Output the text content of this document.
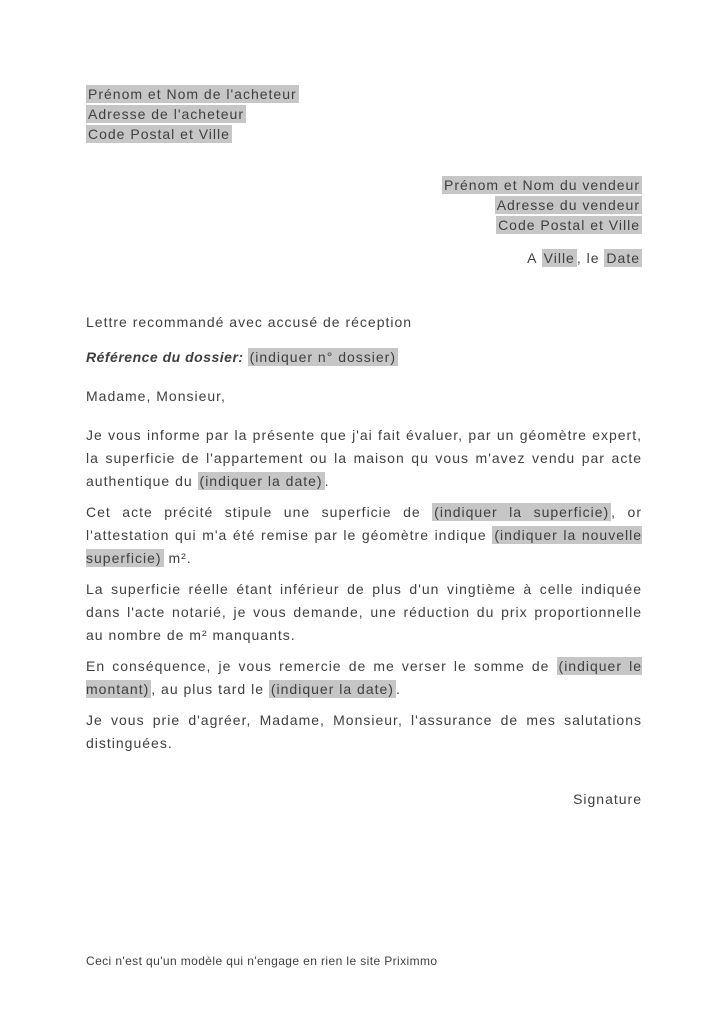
Prénom et Nom de l'acheteur
Adresse de l'acheteur
Code Postal et Ville
Prénom et Nom du vendeur
Adresse du vendeur
Code Postal et Ville
A Ville , le Date
Lettre recommandé avec accusé de réception
Référence du dossier: (indiquer n° dossier)
Madame, Monsieur,

Je vous informe par la présente que j'ai fait évaluer, par un géomètre expert, la superficie de l'appartement ou la maison qu vous m'avez vendu par acte authentique du (indiquer la date) .

Cet acte précité stipule une superficie de (indiquer la superficie) , or l'attestation qui m'a été remise par le géomètre indique (indiquer la nouvelle superficie) m².

La superficie réelle étant inférieur de plus d'un vingtième à celle indiquée dans l'acte notarié, je vous demande, une réduction du prix proportionnelle au nombre de m² manquants.

En conséquence, je vous remercie de me verser le somme de (indiquer le montant) , au plus tard le (indiquer la date) .

Je vous prie d'agréer, Madame, Monsieur, l'assurance de mes salutations distinguées.

Signature
Ceci n'est qu'un modèle qui n'engage en rien le site Priximmo
